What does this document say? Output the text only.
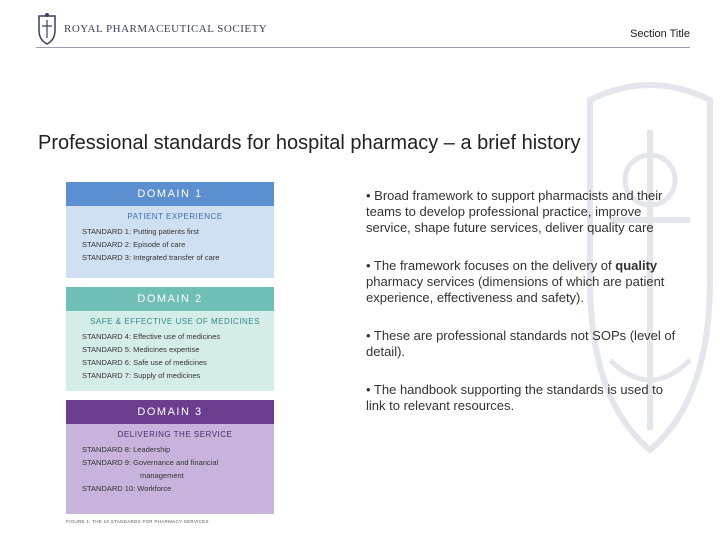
ROYAL PHARMACEUTICAL SOCIETY	Section Title
Professional standards for hospital pharmacy – a brief history
DOMAIN 1
PATIENT EXPERIENCE
STANDARD 1: Putting patients first
STANDARD 2: Episode of care
STANDARD 3: Integrated transfer of care
DOMAIN 2
SAFE & EFFECTIVE USE OF MEDICINES
STANDARD 4: Effective use of medicines
STANDARD 5: Medicines expertise
STANDARD 6: Safe use of medicines
STANDARD 7: Supply of medicines
DOMAIN 3
DELIVERING THE SERVICE
STANDARD 8: Leadership
STANDARD 9: Governance and financial
management
STANDARD 10: Workforce
FIGURE 1: THE 10 STANDARDS FOR PHARMACY SERVICES
• Broad framework to support pharmacists and their teams to develop professional practice, improve service, shape future services, deliver quality care
• The framework focuses on the delivery of quality pharmacy services (dimensions of which are patient experience, effectiveness and safety).
• These are professional standards not SOPs (level of detail).
• The handbook supporting the standards is used to link to relevant resources.
